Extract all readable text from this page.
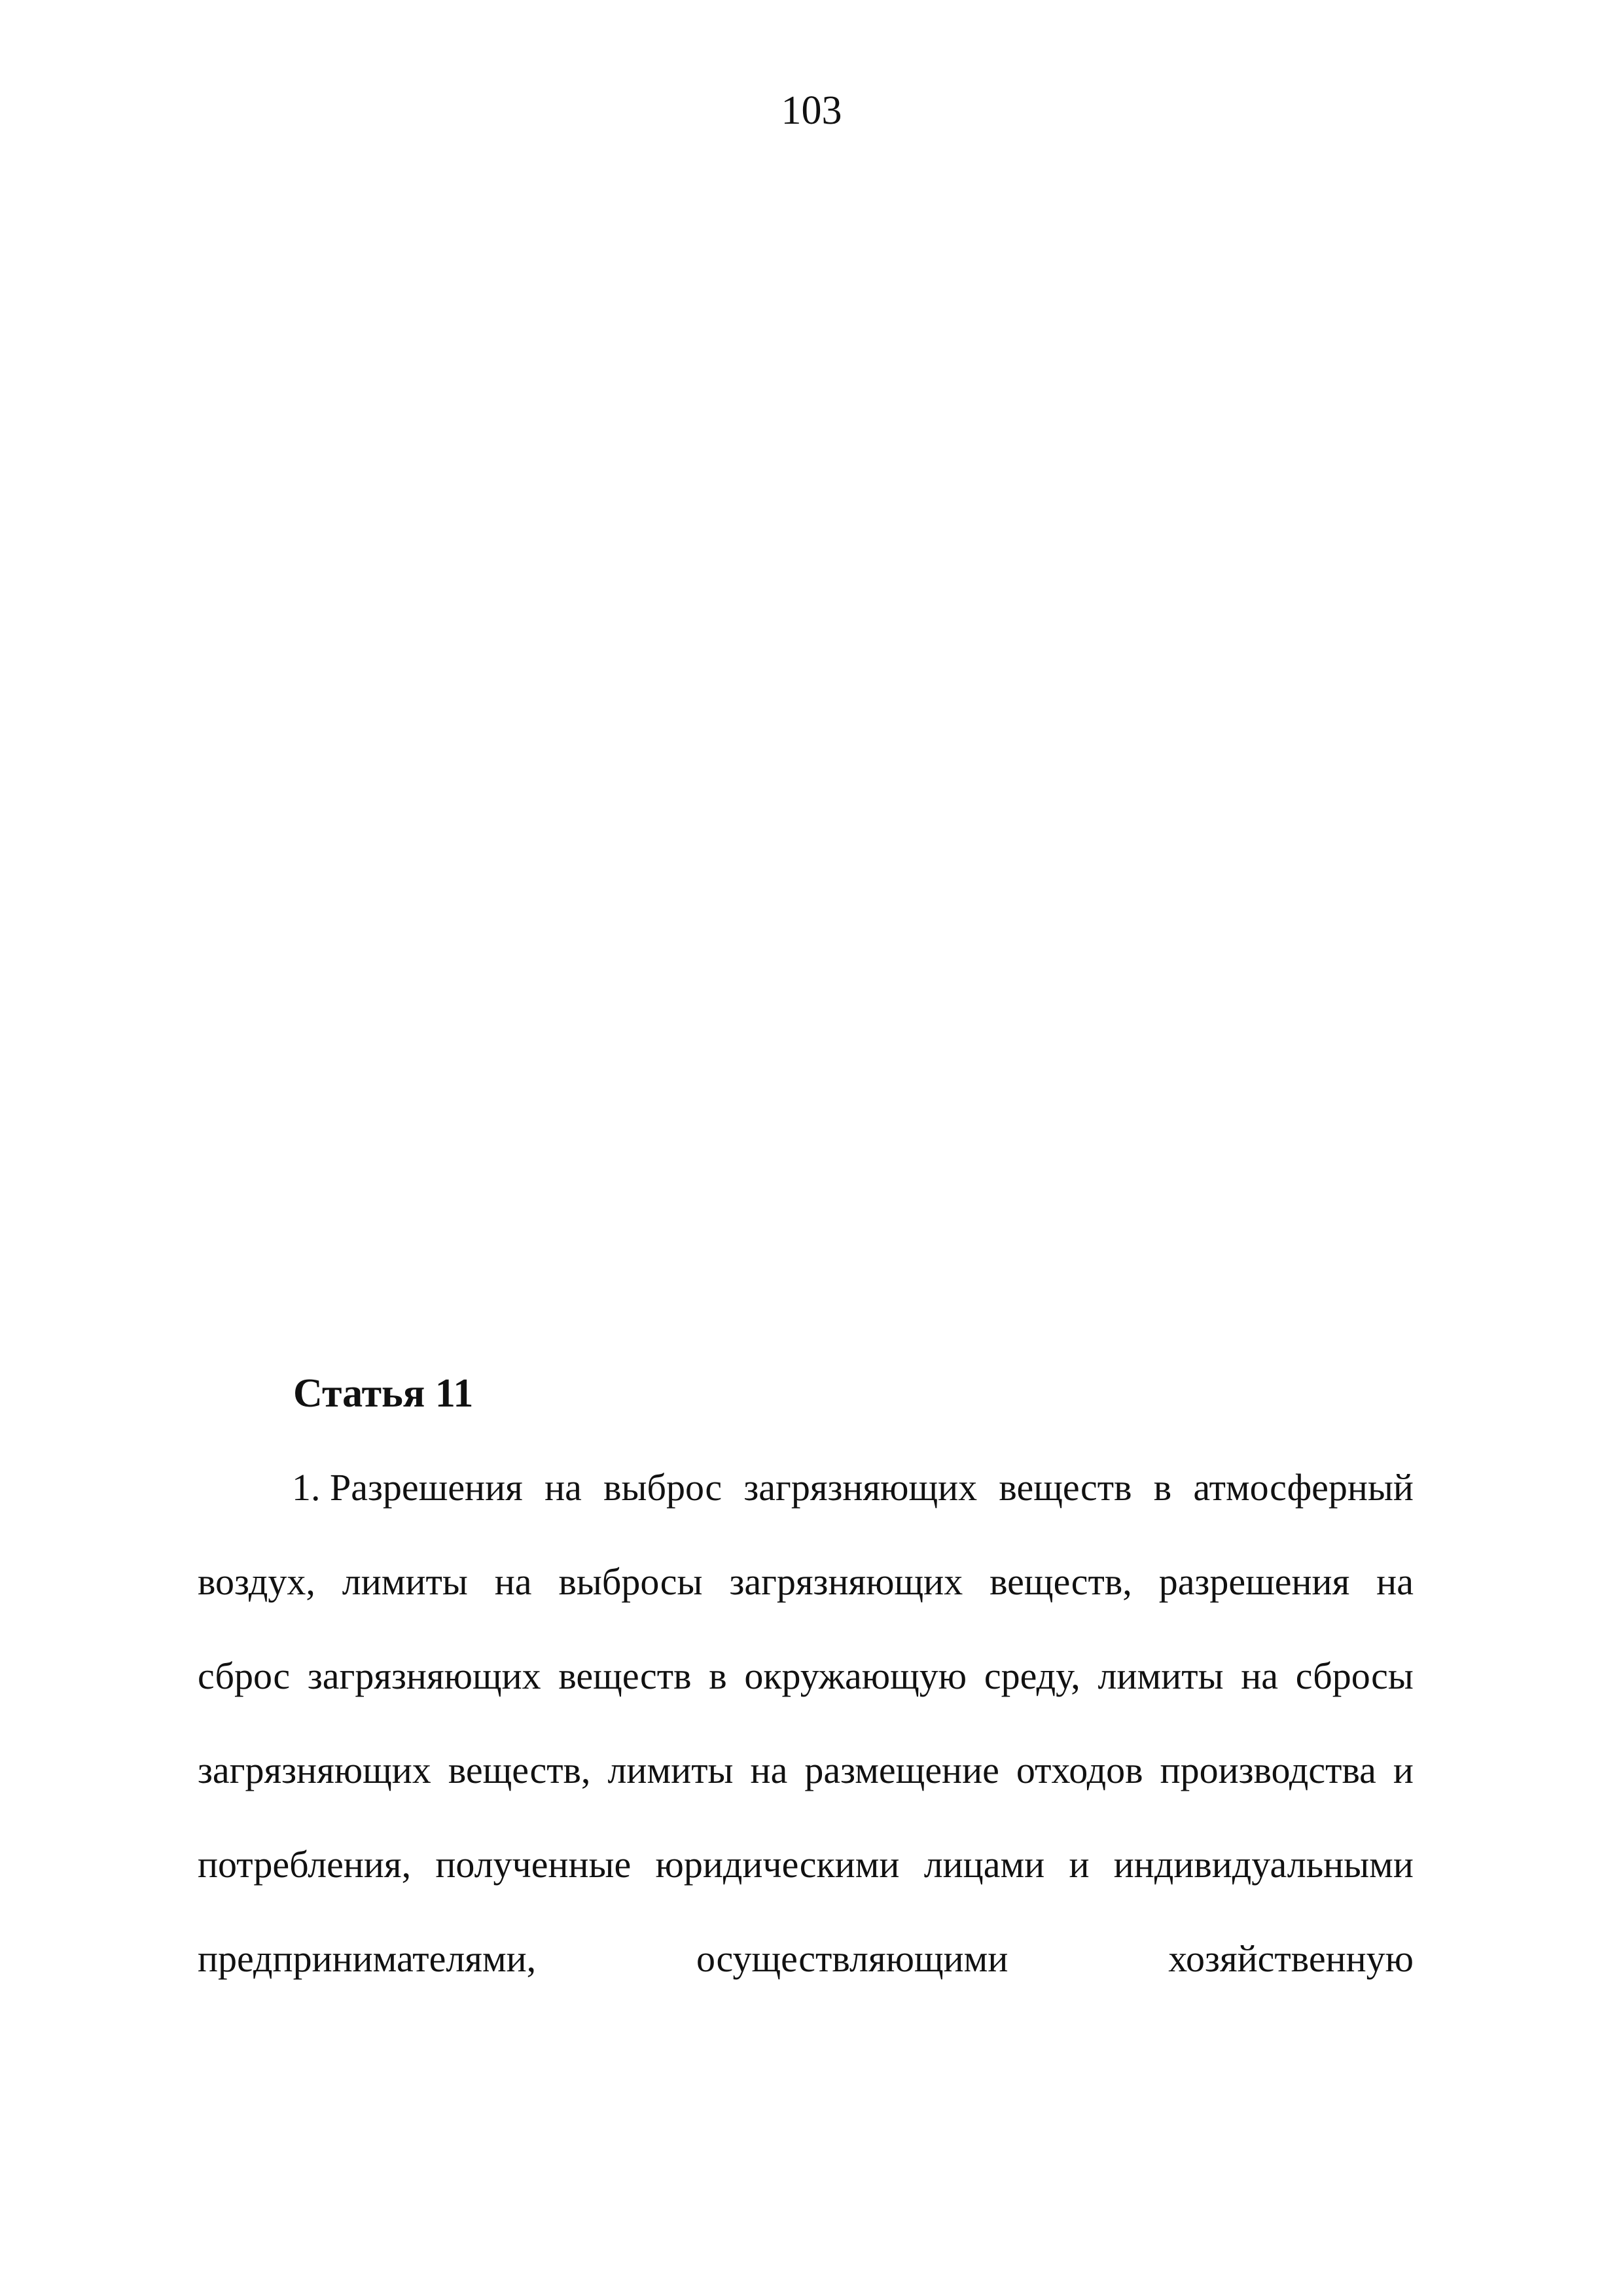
103
Статья 11
1. Разрешения на выброс загрязняющих веществ в атмосферный
воздух, лимиты на выбросы загрязняющих веществ, разрешения на
сброс загрязняющих веществ в окружающую среду, лимиты на сбросы
загрязняющих веществ, лимиты на размещение отходов производства и
потребления, полученные юридическими лицами и индивидуальными
предпринимателями,	осуществляющими	хозяйственную
